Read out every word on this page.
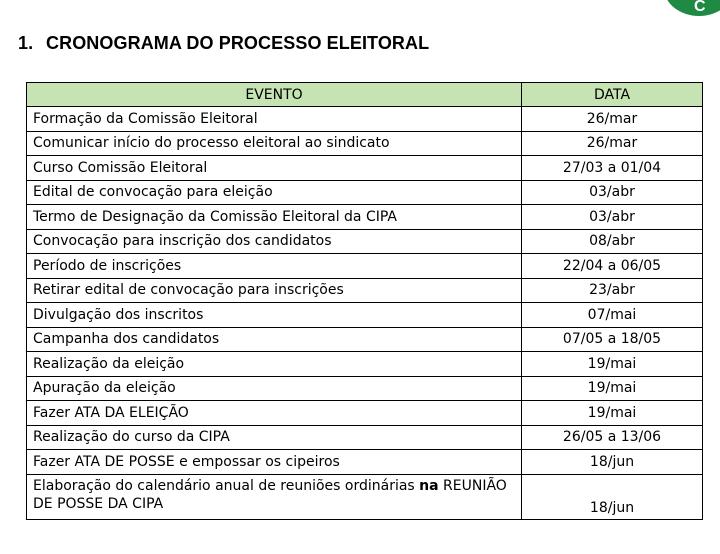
C
1. CRONOGRAMA DO PROCESSO ELEITORAL
EVENTO	DATA
Formação da Comissão Eleitoral	26/mar
Comunicar início do processo eleitoral ao sindicato	26/mar
Curso Comissão Eleitoral	27/03 a 01/04
Edital de convocação para eleição	03/abr
Termo de Designação da Comissão Eleitoral da CIPA	03/abr
Convocação para inscrição dos candidatos	08/abr
Período de inscrições	22/04 a 06/05
Retirar edital de convocação para inscrições	23/abr
Divulgação dos inscritos	07/mai
Campanha dos candidatos	07/05 a 18/05
Realização da eleição	19/mai
Apuração da eleição	19/mai
Fazer ATA DA ELEIÇÃO	19/mai
Realização do curso da CIPA	26/05 a 13/06
Fazer ATA DE POSSE e empossar os cipeiros	18/jun
Elaboração do calendário anual de reuniões ordinárias na REUNIÃO DE POSSE DA CIPA	18/jun
